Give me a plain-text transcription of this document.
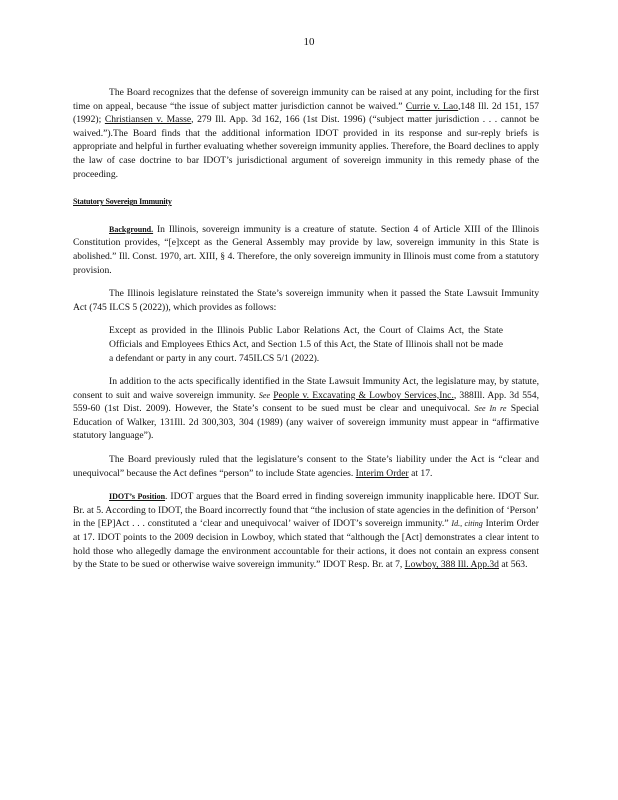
10

The Board recognizes that the defense of sovereign immunity can be raised at any point, including for the first time on appeal, because “the issue of subject matter jurisdiction cannot be waived.” Currie v. Lao,148 Ill. 2d 151, 157 (1992); Christiansen v. Masse, 279 Ill. App. 3d 162, 166 (1st Dist. 1996) (“subject matter jurisdiction . . . cannot be waived.”).The Board finds that the additional information IDOT provided in its response and sur-reply briefs is appropriate and helpful in further evaluating whether sovereign immunity applies. Therefore, the Board declines to apply the law of case doctrine to bar IDOT’s jurisdictional argument of sovereign immunity in this remedy phase of the proceeding.

Statutory Sovereign Immunity

Background. In Illinois, sovereign immunity is a creature of statute. Section 4 of Article XIII of the Illinois Constitution provides, “[e]xcept as the General Assembly may provide by law, sovereign immunity in this State is abolished.” Ill. Const. 1970, art. XIII, § 4. Therefore, the only sovereign immunity in Illinois must come from a statutory provision.

The Illinois legislature reinstated the State’s sovereign immunity when it passed the State Lawsuit Immunity Act (745 ILCS 5 (2022)), which provides as follows:

Except as provided in the Illinois Public Labor Relations Act, the Court of Claims Act, the State Officials and Employees Ethics Act, and Section 1.5 of this Act, the State of Illinois shall not be made a defendant or party in any court. 745ILCS 5/1 (2022).

In addition to the acts specifically identified in the State Lawsuit Immunity Act, the legislature may, by statute, consent to suit and waive sovereign immunity. See People v. Excavating & Lowboy Services,Inc., 388Ill. App. 3d 554, 559-60 (1st Dist. 2009). However, the State’s consent to be sued must be clear and unequivocal. See In re Special Education of Walker, 131Ill. 2d 300,303, 304 (1989) (any waiver of sovereign immunity must appear in “affirmative statutory language”).

The Board previously ruled that the legislature’s consent to the State’s liability under the Act is “clear and unequivocal” because the Act defines “person” to include State agencies. Interim Order at 17.

IDOT’s Position. IDOT argues that the Board erred in finding sovereign immunity inapplicable here. IDOT Sur. Br. at 5. According to IDOT, the Board incorrectly found that “the inclusion of state agencies in the definition of ‘Person’ in the [EP]Act . . . constituted a ‘clear and unequivocal’ waiver of IDOT’s sovereign immunity.” Id., citing Interim Order at 17. IDOT points to the 2009 decision in Lowboy, which stated that “although the [Act] demonstrates a clear intent to hold those who allegedly damage the environment accountable for their actions, it does not contain an express consent by the State to be sued or otherwise waive sovereign immunity.” IDOT Resp. Br. at 7, Lowboy, 388 Ill. App.3d at 563.
